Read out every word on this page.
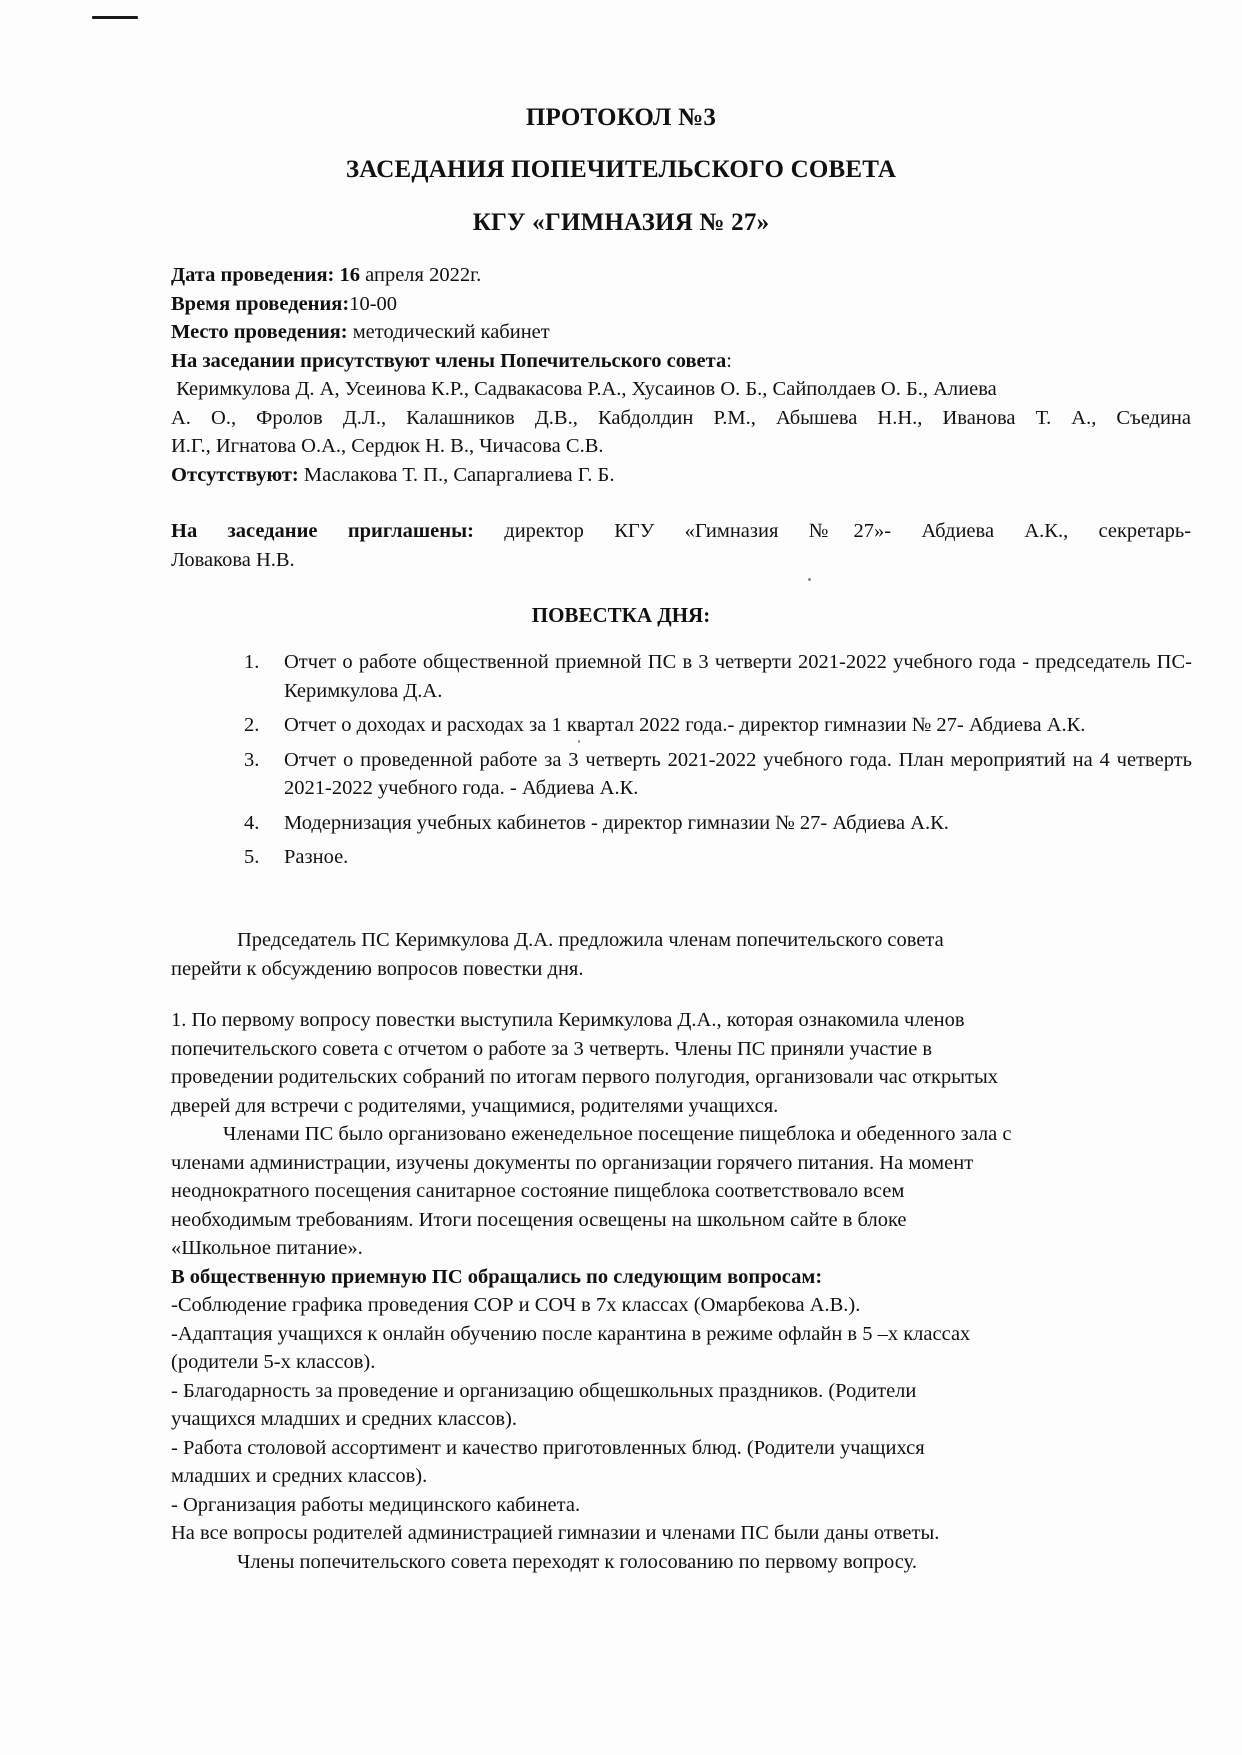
ПРОТОКОЛ №3
ЗАСЕДАНИЯ ПОПЕЧИТЕЛЬСКОГО СОВЕТА
КГУ «ГИМНАЗИЯ № 27»
Дата проведения: 16 апреля 2022г.
Время проведения:10-00
Место проведения: методический кабинет
На заседании присутствуют члены Попечительского совета:
Керимкулова Д. А, Усеинова К.Р., Садвакасова Р.А., Хусаинов О. Б., Сайполдаев О. Б., Алиева
А. О., Фролов Д.Л., Калашников Д.В., Кабдолдин Р.М., Абышева Н.Н., Иванова Т. А., Съедина
И.Г., Игнатова О.А., Сердюк Н. В., Чичасова С.В.
Отсутствуют: Маслакова Т. П., Сапаргалиева Г. Б.
На заседание приглашены: директор КГУ «Гимназия №27»- Абдиева А.К., секретарь-
Ловакова Н.В.
ПОВЕСТКА ДНЯ:
1. Отчет о работе общественной приемной ПС в 3 четверти 2021-2022 учебного года - председатель ПС- Керимкулова Д.А.
2. Отчет о доходах и расходах за 1 квартал 2022 года.- директор гимназии № 27- Абдиева А.К.
3. Отчет о проведенной работе за 3 четверть 2021-2022 учебного года. План мероприятий на 4 четверть 2021-2022 учебного года. - Абдиева А.К.
4. Модернизация учебных кабинетов - директор гимназии № 27- Абдиева А.К.
5. Разное.
Председатель ПС Керимкулова Д.А. предложила членам попечительского совета
перейти к обсуждению вопросов повестки дня.
1. По первому вопросу повестки выступила Керимкулова Д.А., которая ознакомила членов
попечительского совета с отчетом о работе за 3 четверть. Члены ПС приняли участие в
проведении родительских собраний по итогам первого полугодия, организовали час открытых
дверей для встречи с родителями, учащимися, родителями учащихся.
Членами ПС было организовано еженедельное посещение пищеблока и обеденного зала с
членами администрации, изучены документы по организации горячего питания. На момент
неоднократного посещения санитарное состояние пищеблока соответствовало всем
необходимым требованиям. Итоги посещения освещены на школьном сайте в блоке
«Школьное питание».
В общественную приемную ПС обращались по следующим вопросам:
-Соблюдение графика проведения СОР и СОЧ в 7х классах (Омарбекова А.В.).
-Адаптация учащихся к онлайн обучению после карантина в режиме офлайн в 5 –х классах
(родители 5-х классов).
- Благодарность за проведение и организацию общешкольных праздников. (Родители
учащихся младших и средних классов).
- Работа столовой ассортимент и качество приготовленных блюд. (Родители учащихся
младших и средних классов).
- Организация работы медицинского кабинета.
На все вопросы родителей администрацией гимназии и членами ПС были даны ответы.
Члены попечительского совета переходят к голосованию по первому вопросу.
